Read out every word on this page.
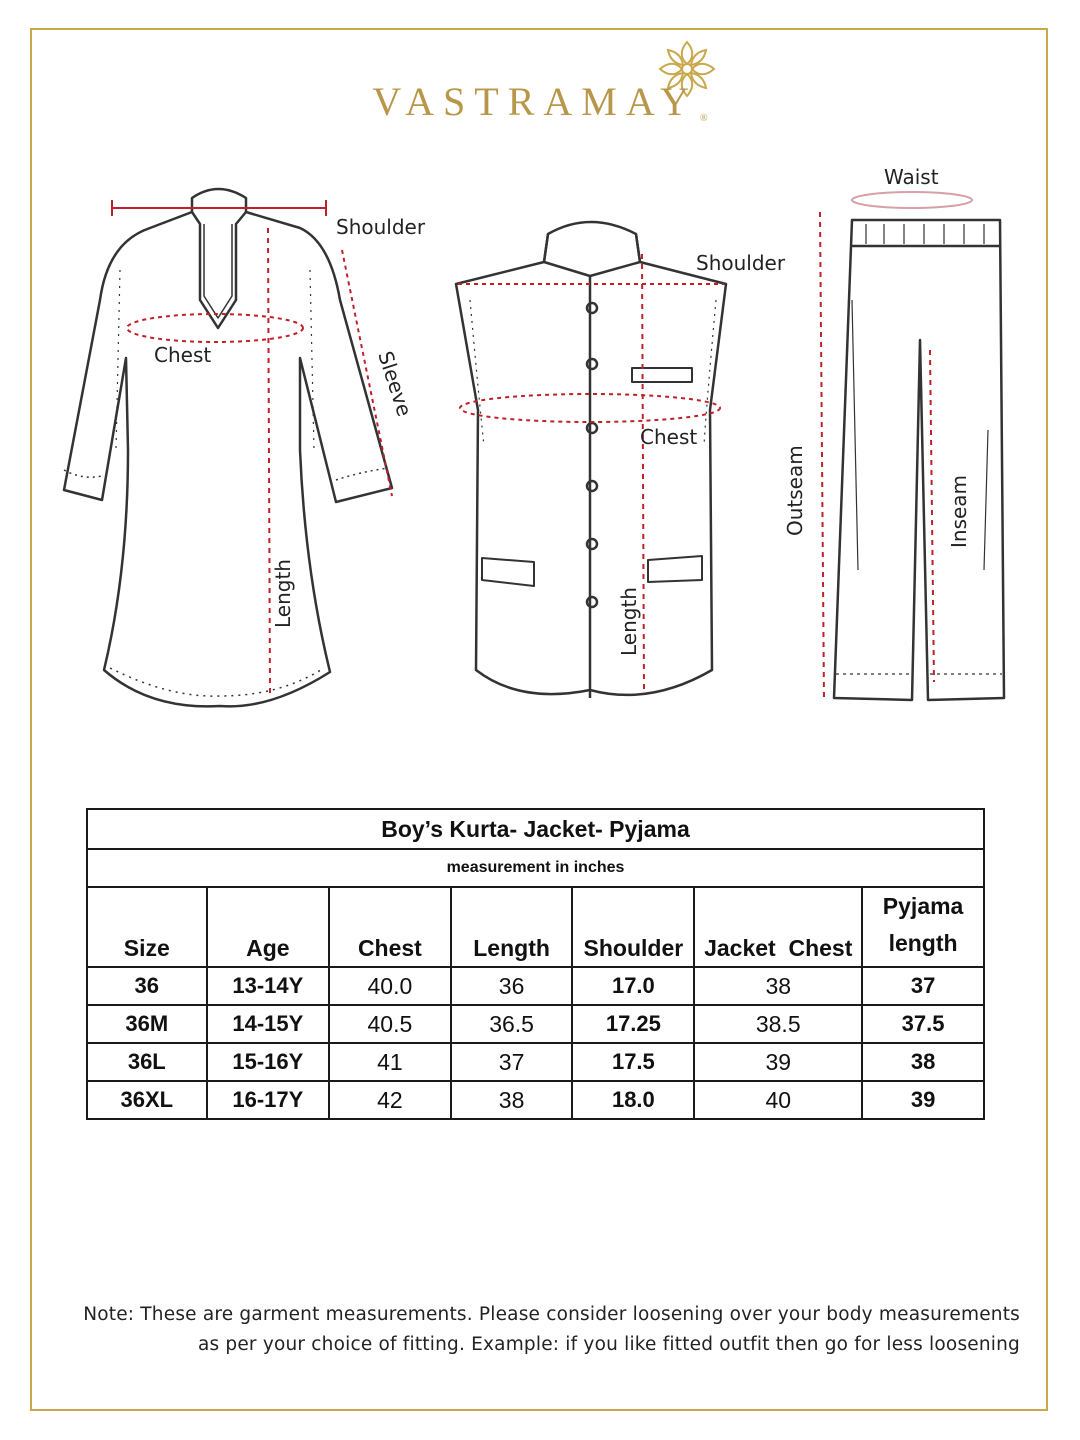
VASTRAMAY ®
Shoulder
Chest	Sleeve
Length
Shoulder
Chest
Length
Waist
Outseam	Inseam
Boy’s Kurta- Jacket- Pyjama						
measurement in inches						
Size	Age	Chest	Length	Shoulder	Jacket  Chest	Pyjama
length
36	13-14Y	40.0	36	17.0	38	37
36M	14-15Y	40.5	36.5	17.25	38.5	37.5
36L	15-16Y	41	37	17.5	39	38
36XL	16-17Y	42	38	18.0	40	39
Note: These are garment measurements. Please consider loosening over your body measurements
as per your choice of fitting. Example: if you like fitted outfit then go for less loosening
